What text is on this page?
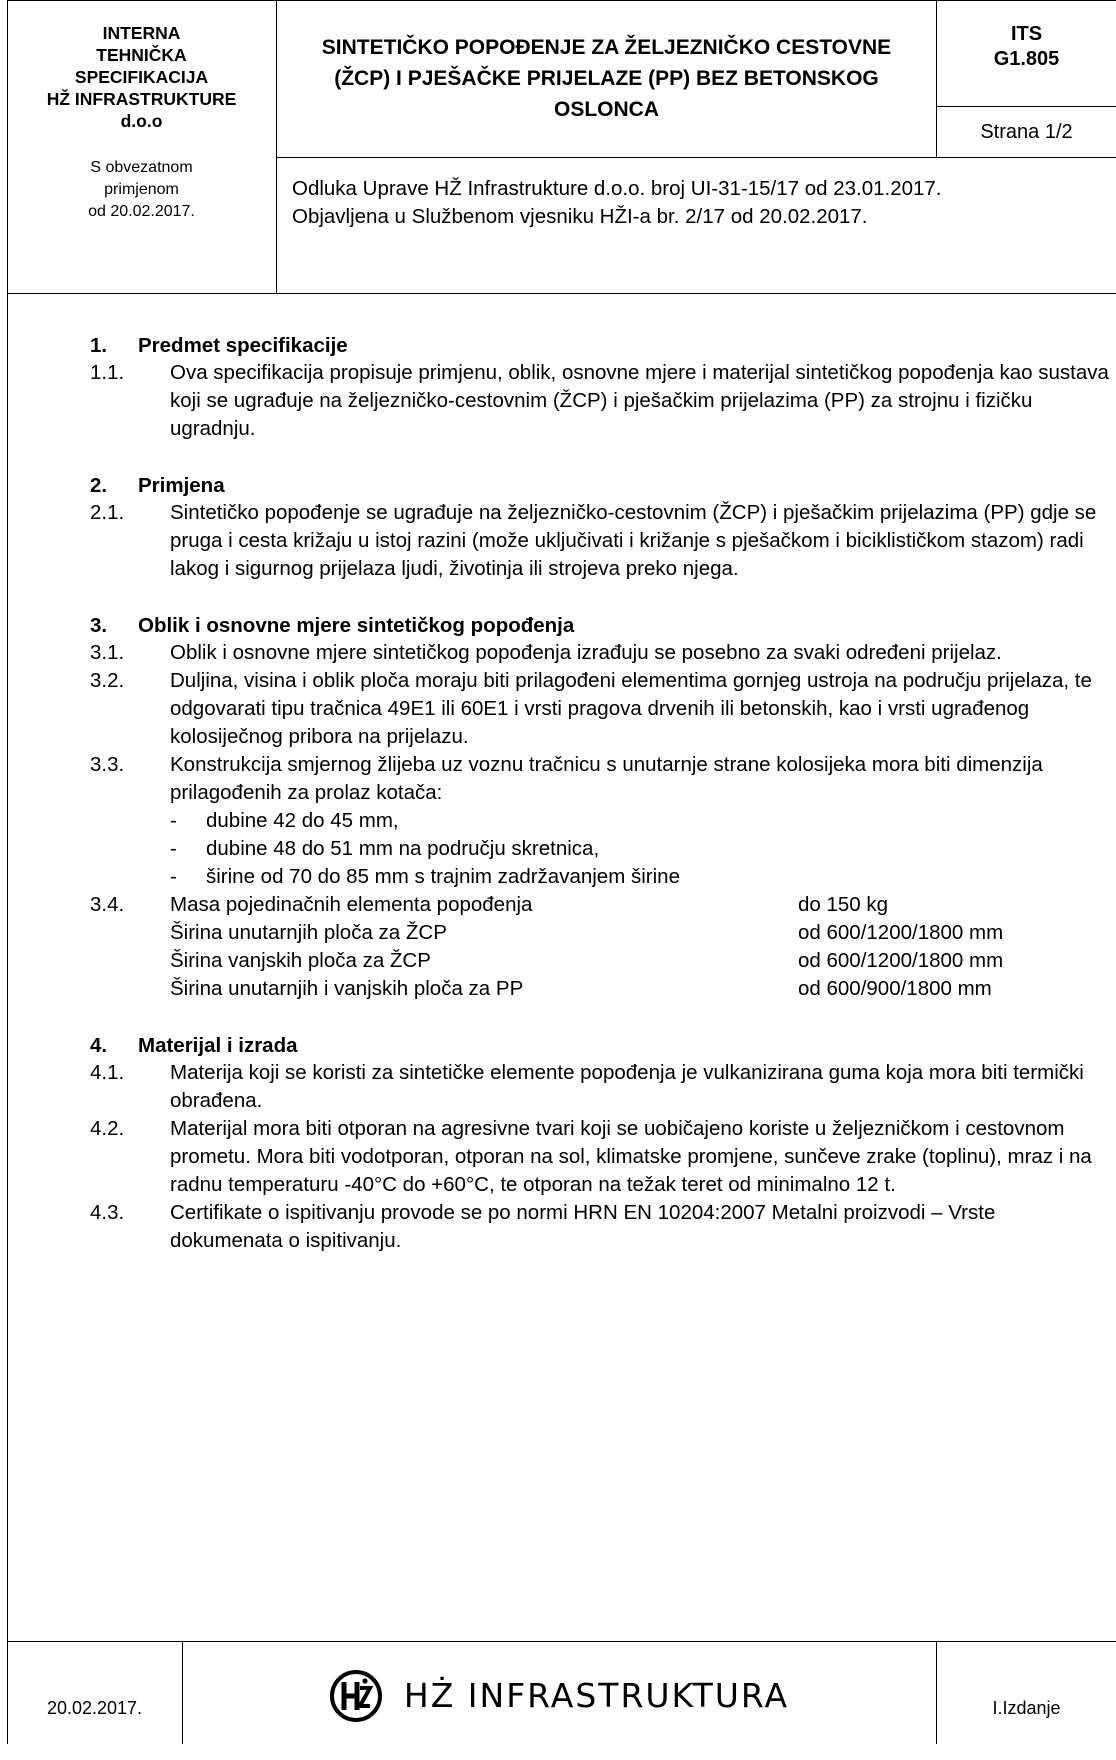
INTERNA
TEHNIČKA
SPECIFIKACIJA
HŽ INFRASTRUKTURE
d.o.o
S obvezatnom
primjenom
od 20.02.2017.
SINTETIČKO POPOĐENJE ZA ŽELJEZNIČKO CESTOVNE (ŽCP) I PJEŠAČKE PRIJELAZE (PP) BEZ BETONSKOG OSLONCA
ITS
G1.805
Strana 1/2
Odluka Uprave HŽ Infrastrukture d.o.o. broj UI-31-15/17 od 23.01.2017.
Objavljena u Službenom vjesniku HŽI-a br. 2/17 od 20.02.2017.
1.	Predmet specifikacije
1.1.	Ova specifikacija propisuje primjenu, oblik, osnovne mjere i materijal sintetičkog popođenja kao sustava koji se ugrađuje na željezničko-cestovnim (ŽCP) i pješačkim prijelazima (PP) za strojnu i fizičku ugradnju.
2.	Primjena
2.1.	Sintetičko popođenje se ugrađuje na željezničko-cestovnim (ŽCP) i pješačkim prijelazima (PP) gdje se pruga i cesta križaju u istoj razini (može uključivati i križanje s pješačkom i biciklističkom stazom) radi lakog i sigurnog prijelaza ljudi, životinja ili strojeva preko njega.
3.	Oblik i osnovne mjere sintetičkog popođenja
3.1.	Oblik i osnovne mjere sintetičkog popođenja izrađuju se posebno za svaki određeni prijelaz.
3.2.	Duljina, visina i oblik ploča moraju biti prilagođeni elementima gornjeg ustroja na području prijelaza, te odgovarati tipu tračnica 49E1 ili 60E1 i vrsti pragova drvenih ili betonskih, kao i vrsti ugrađenog kolosiječnog pribora na prijelazu.
3.3.	Konstrukcija smjernog žlijeba uz voznu tračnicu s unutarnje strane kolosijeka mora biti dimenzija prilagođenih za prolaz kotača:
-	dubine 42 do 45 mm,
-	dubine 48 do 51 mm na području skretnica,
-	širine od 70 do 85 mm s trajnim zadržavanjem širine
3.4.	Masa pojedinačnih elementa popođenja	do 150 kg
Širina unutarnjih ploča za ŽCP	od 600/1200/1800 mm
Širina vanjskih ploča za ŽCP	od 600/1200/1800 mm
Širina unutarnjih i vanjskih ploča za PP	od 600/900/1800 mm
4.	Materijal i izrada
4.1.	Materija koji se koristi za sintetičke elemente popođenja je vulkanizirana guma koja mora biti termički obrađena.
4.2.	Materijal mora biti otporan na agresivne tvari koji se uobičajeno koriste u željezničkom i cestovnom prometu. Mora biti vodotporan, otporan na sol, klimatske promjene, sunčeve zrake (toplinu), mraz i na radnu temperaturu -40°C do +60°C, te otporan na težak teret od minimalno 12 t.
4.3.	Certifikate o ispitivanju provode se po normi HRN EN 10204:2007 Metalni proizvodi – Vrste dokumenata o ispitivanju.
20.02.2017.	HŻ INFRASTRUKTURA	I.Izdanje
